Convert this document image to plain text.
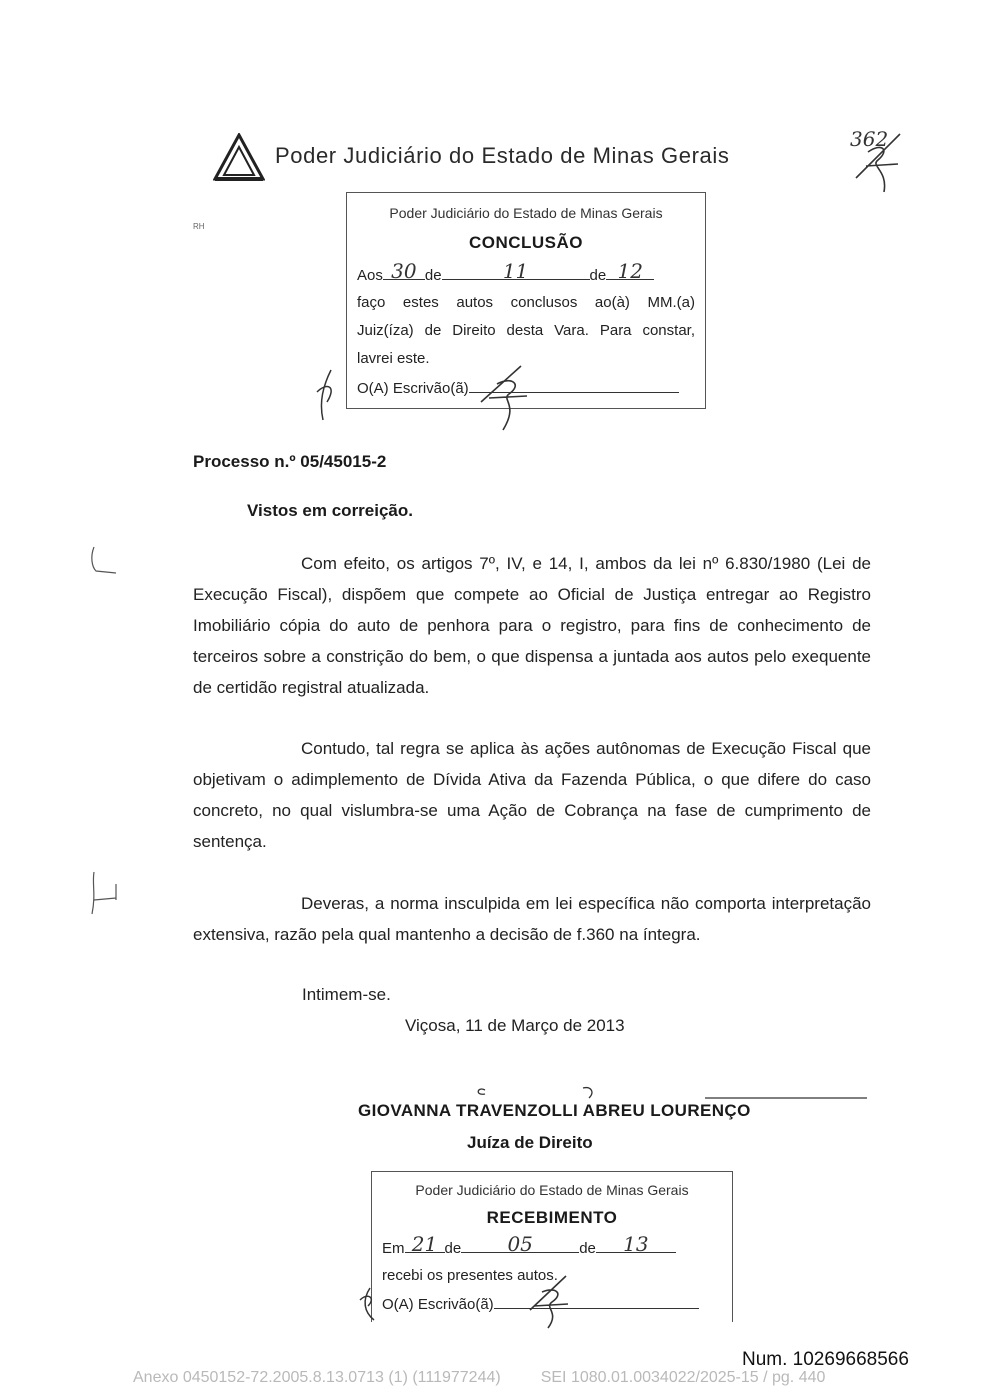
Poder Judiciário do Estado de Minas Gerais
362
RH
Poder Judiciário do Estado de Minas Gerais
CONCLUSÃO
Aos 30 de	11	de 12
faço estes autos conclusos ao(à) MM.(a)
Juiz(íza) de Direito desta Vara. Para constar,
lavrei este.
O(A) Escrivão(ã)
Processo n.º 05/45015-2
Vistos em correição.
Com efeito, os artigos 7º, IV, e 14, I, ambos da lei nº 6.830/1980 (Lei de Execução Fiscal), dispõem que compete ao Oficial de Justiça entregar ao Registro Imobiliário cópia do auto de penhora para o registro, para fins de conhecimento de terceiros sobre a constrição do bem, o que dispensa a juntada aos autos pelo exequente de certidão registral atualizada.
Contudo, tal regra se aplica às ações autônomas de Execução Fiscal que objetivam o adimplemento de Dívida Ativa da Fazenda Pública, o que difere do caso concreto, no qual vislumbra-se uma Ação de Cobrança na fase de cumprimento de sentença.
Deveras, a norma insculpida em lei específica não comporta interpretação extensiva, razão pela qual mantenho a decisão de f.360 na íntegra.
Intimem-se.
Viçosa, 11 de Março de 2013
GIOVANNA TRAVENZOLLI ABREU LOURENÇO
Juíza de Direito
Poder Judiciário do Estado de Minas Gerais
RECEBIMENTO
Em 21 de	05	de	13
recebi os presentes autos.
O(A) Escrivão(ã)
Num. 10269668566
Anexo 0450152-72.2005.8.13.0713 (1) (111977244)	SEI 1080.01.0034022/2025-15 / pg. 440
